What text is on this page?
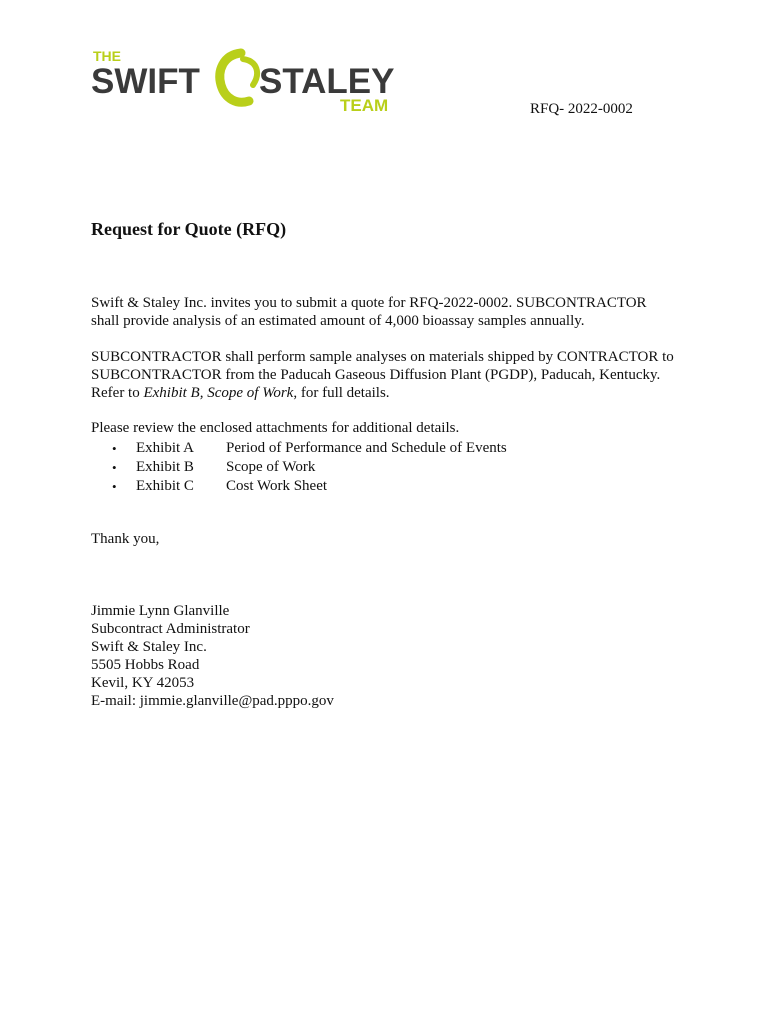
THE
SWIFT STALEY
TEAM	RFQ- 2022-0002
Request for Quote (RFQ)

Swift & Staley Inc. invites you to submit a quote for RFQ-2022-0002. SUBCONTRACTOR
shall provide analysis of an estimated amount of 4,000 bioassay samples annually.

SUBCONTRACTOR shall perform sample analyses on materials shipped by CONTRACTOR to SUBCONTRACTOR from the Paducah Gaseous Diffusion Plant (PGDP), Paducah, Kentucky. Refer to Exhibit B, Scope of Work, for full details.

Please review the enclosed attachments for additional details.

• Exhibit A Period of Performance and Schedule of Events
• Exhibit B Scope of Work
• Exhibit C Cost Work Sheet
Thank you,
Jimmie Lynn Glanville
Subcontract Administrator
Swift & Staley Inc.
5505 Hobbs Road
Kevil, KY 42053
E-mail: jimmie.glanville@pad.pppo.gov
